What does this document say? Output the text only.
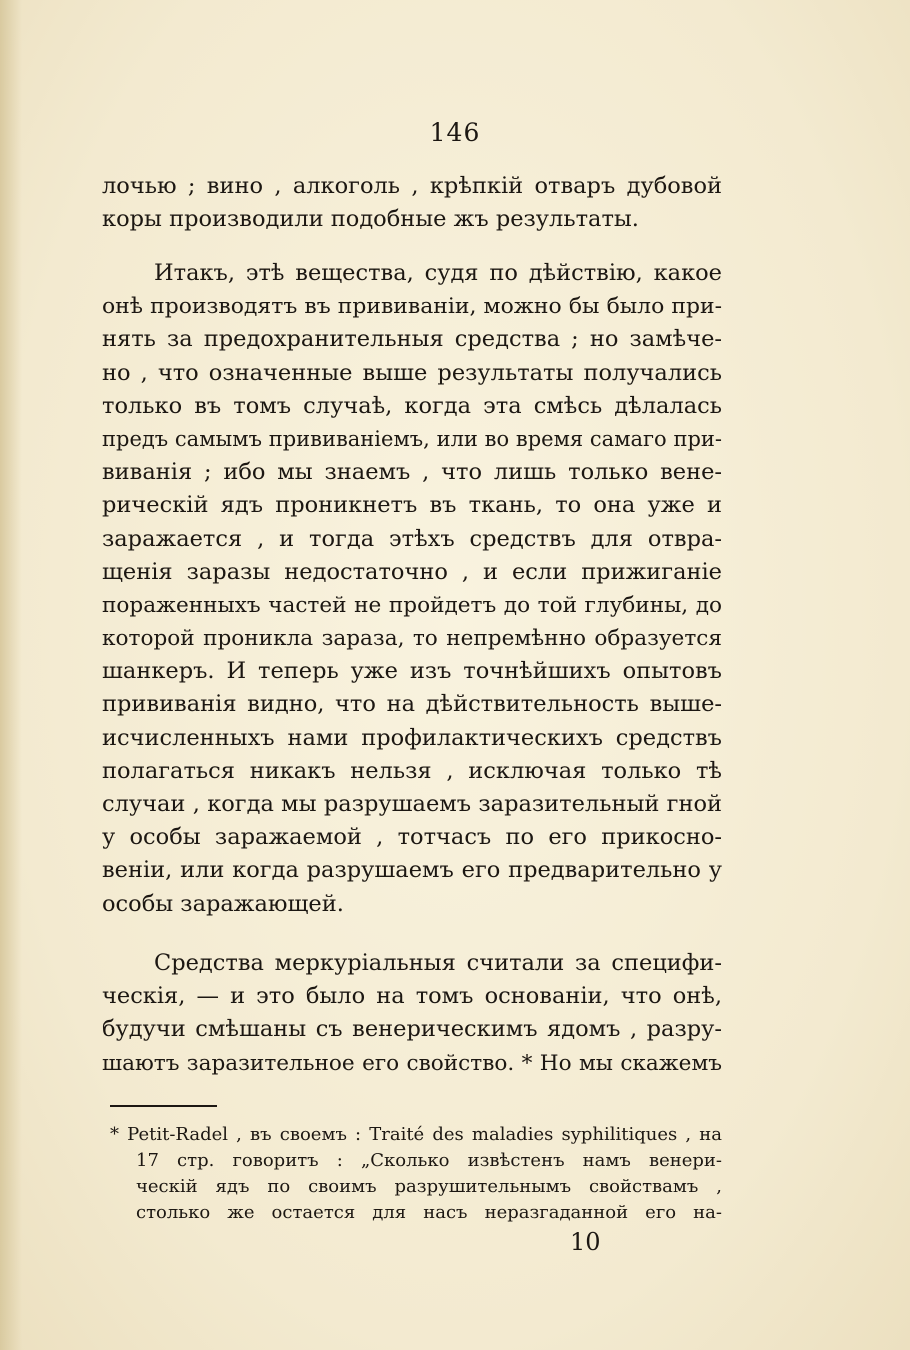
146
лочью ; вино , алкоголь , крѣпкій отваръ дубовой
коры производили подобные жъ результаты.
Итакъ, этѣ вещества, судя по дѣйствію, какое
онѣ производятъ въ прививаніи, можно бы было при-
нять за предохранительныя средства ; но замѣче-
но , что означенные выше результаты получались
только въ томъ случаѣ, когда эта смѣсь дѣлалась
предъ самымъ прививаніемъ, или во время самаго при-
виванія ; ибо мы знаемъ , что лишь только вене-
рическій ядъ проникнетъ въ ткань, то она уже и
заражается , и тогда этѣхъ средствъ для отвра-
щенія заразы недостаточно , и если прижиганіе
пораженныхъ частей не пройдетъ до той глубины, до
которой проникла зараза, то непремѣнно образуется
шанкеръ. И теперь уже изъ точнѣйшихъ опытовъ
прививанія видно, что на дѣйствительность выше-
исчисленныхъ нами профилактическихъ средствъ
полагаться никакъ нельзя , исключая только тѣ
случаи , когда мы разрушаемъ заразительный гной
у особы заражаемой , тотчасъ по его прикосно-
веніи, или когда разрушаемъ его предварительно у
особы заражающей.
Средства меркуріальныя считали за специфи-
ческія, — и это было на томъ основаніи, что онѣ,
будучи смѣшаны съ венерическимъ ядомъ , разру-
шаютъ заразительное его свойство. * Но мы скажемъ
* Petit-Radel , въ своемъ : Traité des maladies syphilitiques , на
17 стр. говоритъ : „Сколько извѣстенъ намъ венери-
ческій ядъ по своимъ разрушительнымъ свойствамъ ,
столько же остается для насъ неразгаданной его на-
10
